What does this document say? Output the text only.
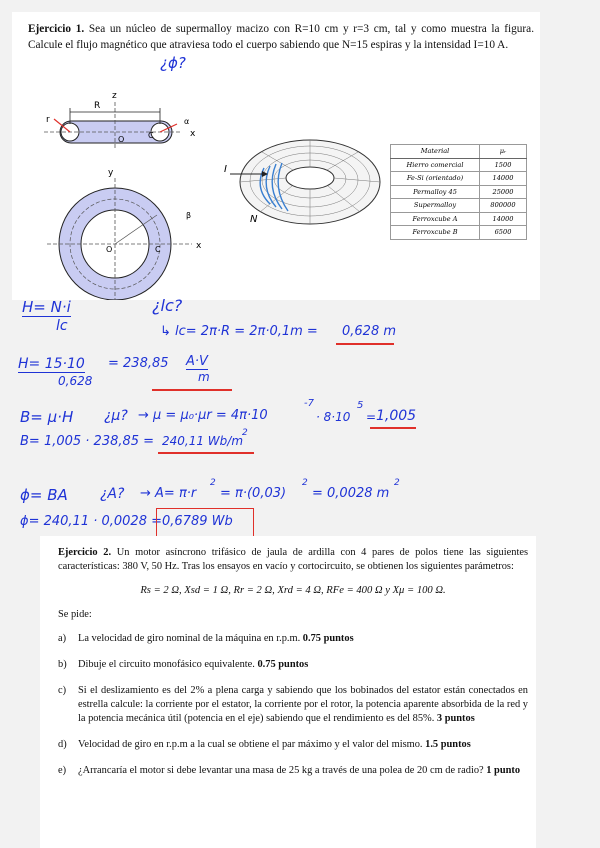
Ejercicio 1. Sea un núcleo de supermalloy macizo con R=10 cm y r=3 cm, tal y como muestra la figura. Calcule el flujo magnético que atraviesa todo el cuerpo sabiendo que N=15 espiras y la intensidad I=10 A.
z
x
r
R
O	C
α
y
x
O	C
β
I
N
Material	μᵣ
Hierro comercial	1500
Fe-Si (orientado)	14000
Permalloy 45	25000
Supermalloy	800000
Ferroxcube A	14000
Ferroxcube B	6500
¿ϕ?
H= N·i
lc
¿lc?
↳ lc= 2π·R = 2π·0,1m = 0,628 m
H= 15·10
0,628
= 238,85 A·V
m
B= μ·H ¿μ? → μ = μ₀·μr = 4π·10
-7
· 8·10
5
= 1,005
B= 1,005 · 238,85 = 240,11 Wb/m
2
ϕ= BA ¿A? → A= π·r
2
= π·(0,03)
2
= 0,0028 m
2
ϕ= 240,11 · 0,0028 = 0,6789 Wb
Ejercicio 2. Un motor asíncrono trifásico de jaula de ardilla con 4 pares de polos tiene las siguientes características: 380 V, 50 Hz. Tras los ensayos en vacío y cortocircuito, se obtienen los siguientes parámetros:
Rs = 2 Ω, Xsd = 1 Ω, Rr = 2 Ω, Xrd = 4 Ω, RFe = 400 Ω y Xμ = 100 Ω.
Se pide:
a)	La velocidad de giro nominal de la máquina en r.p.m. 0.75 puntos
b)	Dibuje el circuito monofásico equivalente. 0.75 puntos
c)	Si el deslizamiento es del 2% a plena carga y sabiendo que los bobinados del estator están conectados en estrella calcule: la corriente por el estator, la corriente por el rotor, la potencia aparente absorbida de la red y la potencia mecánica útil (potencia en el eje) sabiendo que el rendimiento es del 85%. 3 puntos
d)	Velocidad de giro en r.p.m a la cual se obtiene el par máximo y el valor del mismo. 1.5 puntos
e)	¿Arrancaría el motor si debe levantar una masa de 25 kg a través de una polea de 20 cm de radio? 1 punto
